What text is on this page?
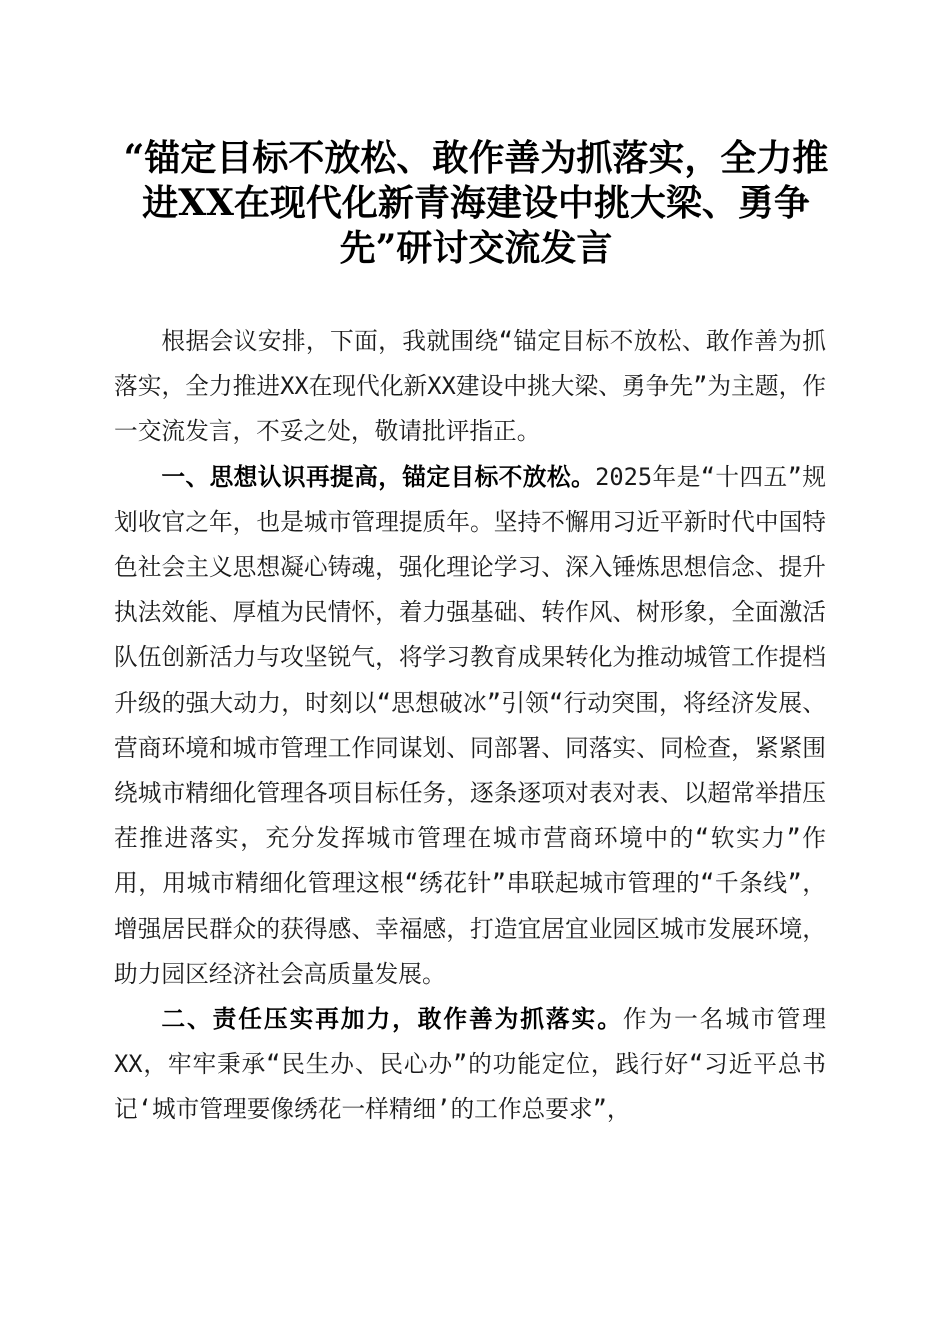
“锚定目标不放松、敢作善为抓落实，全力推进XX在现代化新青海建设中挑大梁、勇争先”研讨交流发言

根据会议安排，下面，我就围绕“锚定目标不放松、敢作善为抓落实，全力推进XX在现代化新XX建设中挑大梁、勇争先”为主题，作一交流发言，不妥之处，敬请批评指正。

一、思想认识再提高，锚定目标不放松。2025年是“十四五”规划收官之年，也是城市管理提质年。坚持不懈用习近平新时代中国特色社会主义思想凝心铸魂，强化理论学习、深入锤炼思想信念、提升执法效能、厚植为民情怀，着力强基础、转作风、树形象，全面激活队伍创新活力与攻坚锐气，将学习教育成果转化为推动城管工作提档升级的强大动力，时刻以“思想破冰”引领“行动突围，将经济发展、营商环境和城市管理工作同谋划、同部署、同落实、同检查，紧紧围绕城市精细化管理各项目标任务，逐条逐项对表对表、以超常举措压茬推进落实，充分发挥城市管理在城市营商环境中的“软实力”作用，用城市精细化管理这根“绣花针”串联起城市管理的“千条线”，增强居民群众的获得感、幸福感，打造宜居宜业园区城市发展环境，助力园区经济社会高质量发展。

二、责任压实再加力，敢作善为抓落实。作为一名城市管理XX，牢牢秉承“民生办、民心办”的功能定位，践行好“习近平总书记‘城市管理要像绣花一样精细’的工作总要求”，
